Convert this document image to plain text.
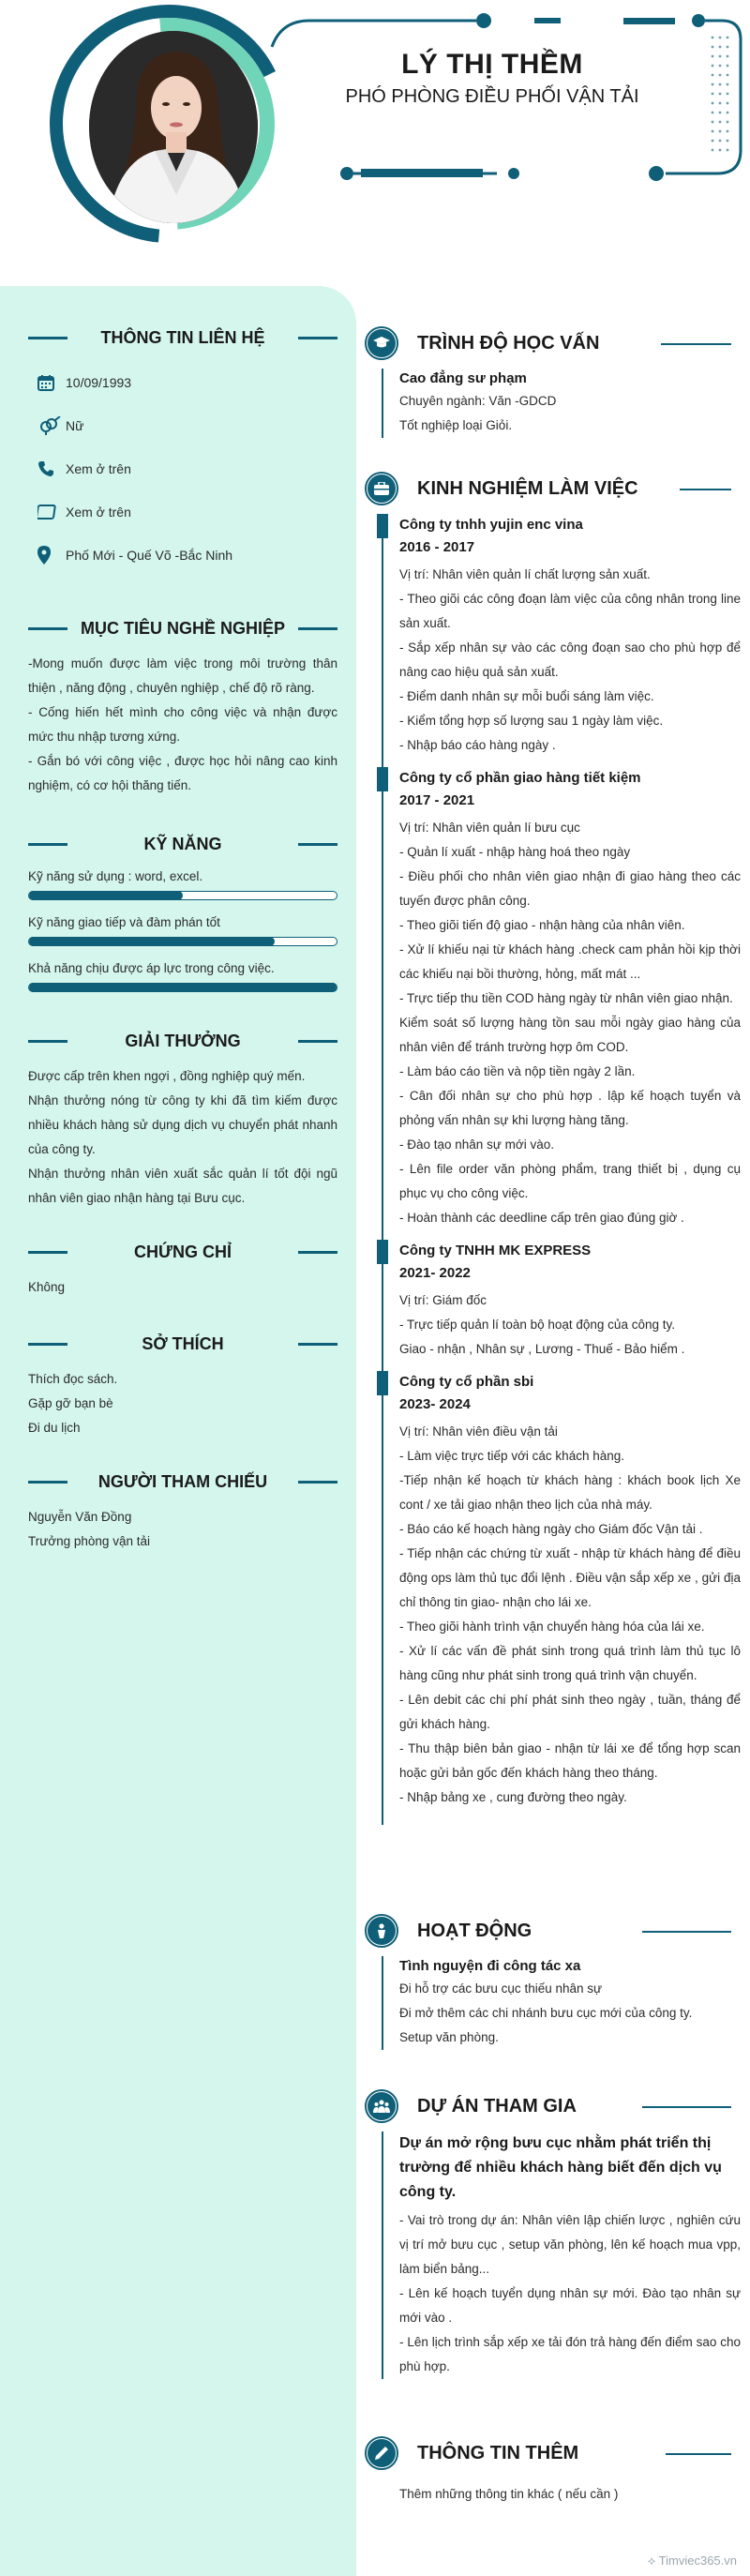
LÝ THỊ THỀM
PHÓ PHÒNG ĐIỀU PHỐI VẬN TẢI
THÔNG TIN LIÊN HỆ
10/09/1993
Nữ
Xem ở trên
Xem ở trên
Phố Mới - Quế Võ -Bắc Ninh
MỤC TIÊU NGHỀ NGHIỆP
-Mong muốn được làm việc trong môi trường thân thiện , năng động , chuyên nghiệp , chế độ rõ ràng.
- Cống hiến hết mình cho công việc và nhận được mức thu nhập tương xứng.
- Gắn bó với công việc , được học hỏi nâng cao kinh nghiệm, có cơ hội thăng tiến.
KỸ NĂNG
Kỹ năng sử dụng : word, excel.
Kỹ năng giao tiếp và đàm phán tốt
Khả năng chịu được áp lực trong công việc.
GIẢI THƯỞNG
Được cấp trên khen ngợi , đồng nghiệp quý mến.
Nhận thưởng nóng từ công ty khi đã tìm kiếm được nhiều khách hàng sử dụng dịch vụ chuyển phát nhanh của công ty.
Nhận thưởng nhân viên xuất sắc quản lí tốt đội ngũ nhân viên giao nhận hàng tại Bưu cục.
CHỨNG CHỈ
Không
SỞ THÍCH
Thích đọc sách.
Gặp gỡ bạn bè
Đi du lịch
NGƯỜI THAM CHIẾU
Nguyễn Văn Đồng
Trưởng phòng vận tải
TRÌNH ĐỘ HỌC VẤN
Cao đẳng sư phạm
Chuyên ngành: Văn -GDCD
Tốt nghiệp loại Giỏi.
KINH NGHIỆM LÀM VIỆC
Công ty tnhh yujin enc vina
2016 - 2017
Vị trí: Nhân viên quản lí chất lượng sản xuất.
- Theo giõi các công đoạn làm việc của công nhân trong line sản xuất.
- Sắp xếp nhân sự vào các công đoạn sao cho phù hợp để nâng cao hiệu quả sản xuất.
- Điểm danh nhân sự mỗi buổi sáng làm việc.
- Kiểm tổng hợp số lượng sau 1 ngày làm việc.
- Nhập báo cáo hàng ngày .
Công ty cổ phần giao hàng tiết kiệm
2017 - 2021
Vị trí: Nhân viên quản lí bưu cục
- Quản lí xuất - nhập hàng hoá theo ngày
- Điều phối cho nhân viên giao nhận đi giao hàng theo các tuyến được phân công.
- Theo giõi tiến độ giao - nhận hàng của nhân viên.
- Xử lí khiếu nại từ khách hàng .check cam phản hồi kịp thời các khiếu nại bồi thường, hỏng, mất mát ...
- Trực tiếp thu tiền COD hàng ngày từ nhân viên giao nhận.
Kiểm soát số lượng hàng tồn sau mỗi ngày giao hàng của nhân viên để tránh trường hợp ôm COD.
- Làm báo cáo tiền và nộp tiền ngày 2 lần.
- Cân đối nhân sự cho phù hợp . lập kế hoạch tuyển và phỏng vấn nhân sự khi lượng hàng tăng.
- Đào tạo nhân sự mới vào.
- Lên file order văn phòng phẩm, trang thiết bị , dụng cụ phục vụ cho công việc.
- Hoàn thành các deedline cấp trên giao đúng giờ .
Công ty TNHH MK EXPRESS
2021- 2022
Vị trí: Giám đốc
- Trực tiếp quản lí toàn bộ hoạt động của công ty.
Giao - nhận , Nhân sự , Lương - Thuế - Bảo hiểm .
Công ty cổ phần sbi
2023- 2024
Vị trí: Nhân viên điều vận tải
- Làm việc trực tiếp với các khách hàng.
-Tiếp nhận kế hoạch từ khách hàng : khách book lịch Xe cont / xe tải giao nhận theo lịch của nhà máy.
- Báo cáo kế hoạch hàng ngày cho Giám đốc Vận tải .
- Tiếp nhận các chứng từ xuất - nhập từ khách hàng để điều động ops làm thủ tục đổi lệnh . Điều vận sắp xếp xe , gửi địa chỉ thông tin giao- nhận cho lái xe.
- Theo giõi hành trình vận chuyển hàng hóa của lái xe.
- Xử lí các vấn đề phát sinh trong quá trình làm thủ tục lô hàng cũng như phát sinh trong quá trình vận chuyển.
- Lên debit các chi phí phát sinh theo ngày , tuần, tháng để gửi khách hàng.
- Thu thập biên bản giao - nhận từ lái xe để tổng hợp scan hoặc gửi bản gốc đến khách hàng theo tháng.
- Nhập bảng xe , cung đường theo ngày.
HOẠT ĐỘNG
Tình nguyện đi công tác xa
Đi hỗ trợ các bưu cục thiếu nhân sự
Đi mở thêm các chi nhánh bưu cục mới của công ty.
Setup văn phòng.
DỰ ÁN THAM GIA
Dự án mở rộng bưu cục nhằm phát triển thị trường để nhiều khách hàng biết đến dịch vụ công ty.
- Vai trò trong dự án: Nhân viên lập chiến lược , nghiên cứu vị trí mở bưu cục , setup văn phòng, lên kế hoạch mua vpp, làm biển bảng...
- Lên kế hoạch tuyển dụng nhân sự mới. Đào tạo nhân sự mới vào .
- Lên lịch trình sắp xếp xe tải đón trả hàng đến điểm sao cho phù hợp.
THÔNG TIN THÊM
Thêm những thông tin khác ( nếu cần )
⟡ Timviec365.vn
